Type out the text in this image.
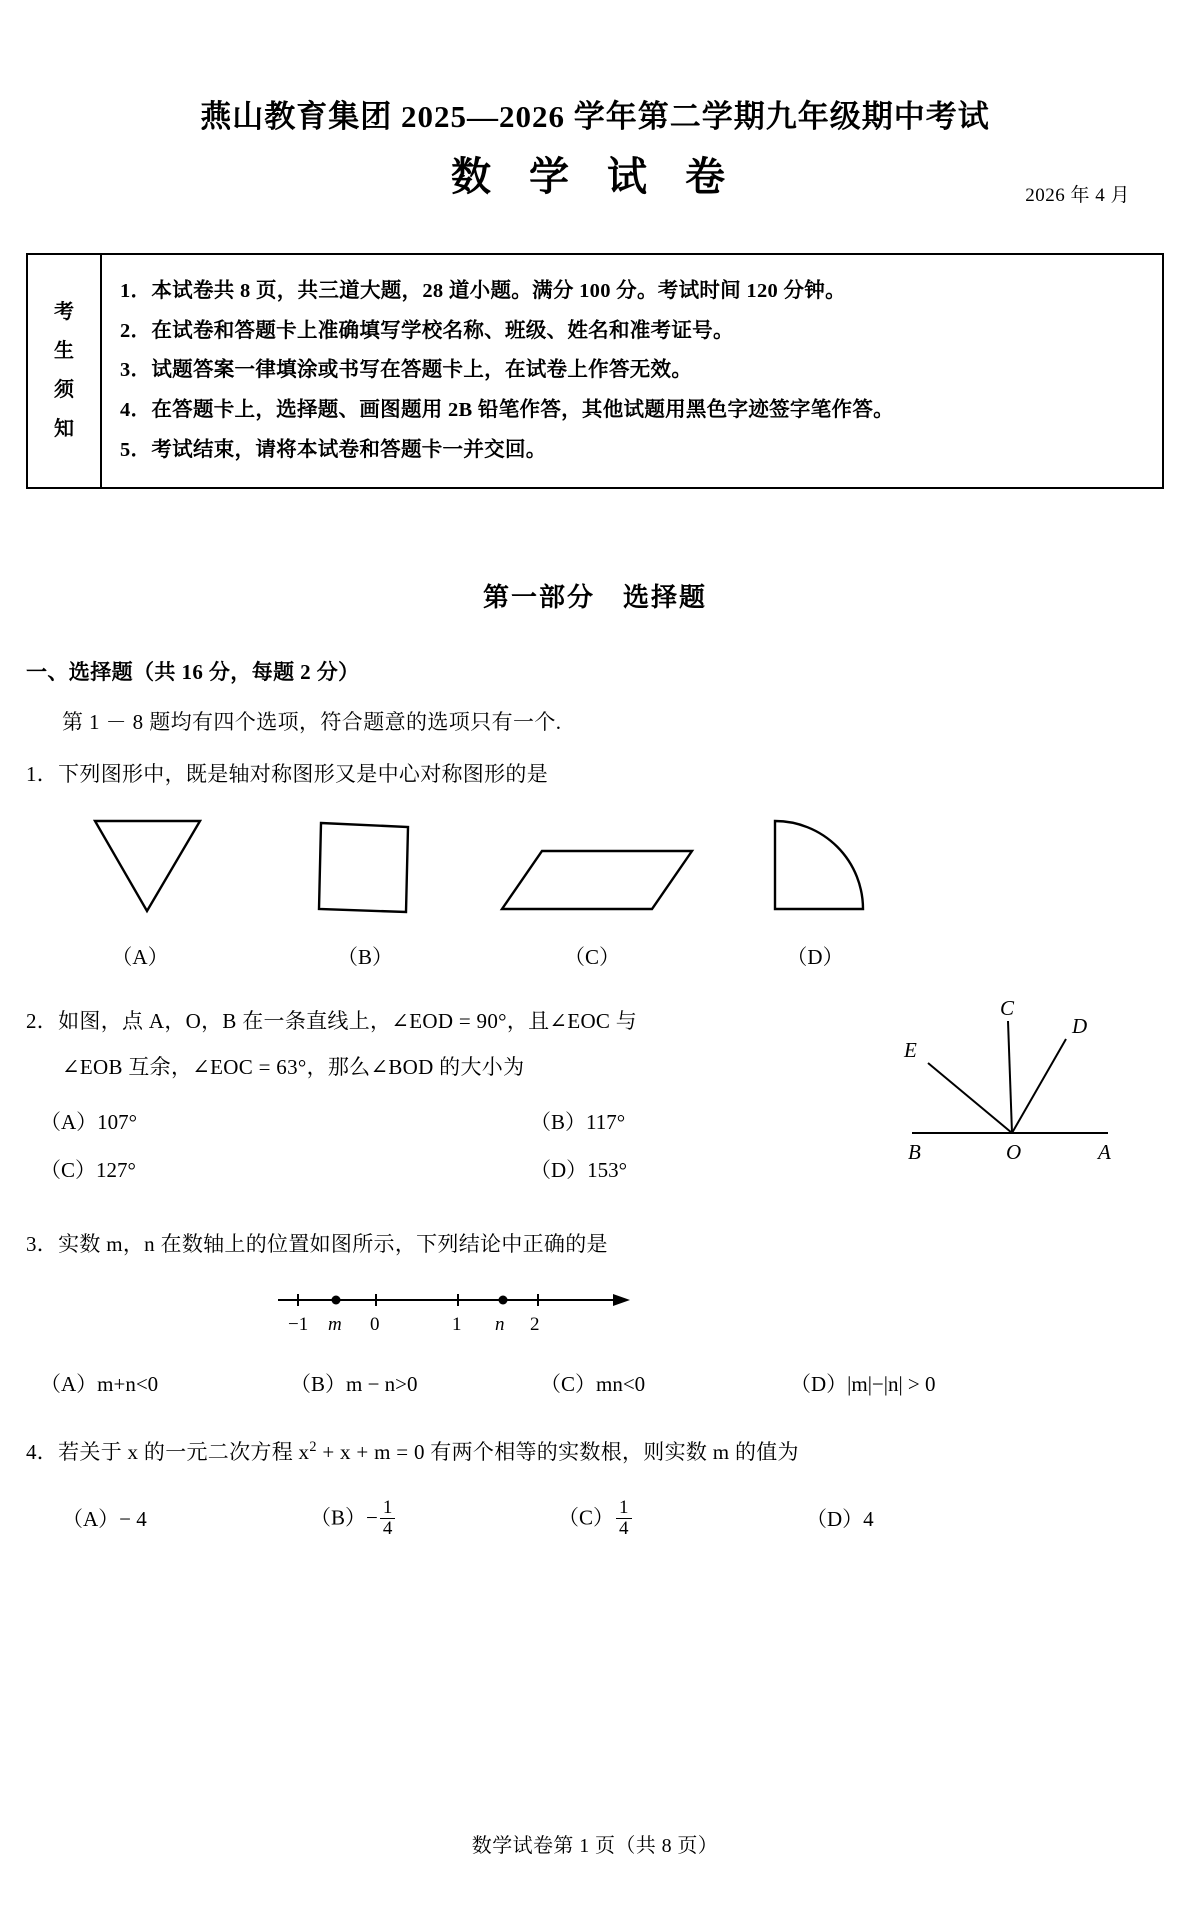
燕山教育集团 2025—2026 学年第二学期九年级期中考试
数 学 试 卷	2026 年 4 月
考
生
须
知
1．本试卷共 8 页，共三道大题，28 道小题。满分 100 分。考试时间 120 分钟。
2．在试卷和答题卡上准确填写学校名称、班级、姓名和准考证号。
3．试题答案一律填涂或书写在答题卡上，在试卷上作答无效。
4．在答题卡上，选择题、画图题用 2B 铅笔作答，其他试题用黑色字迹签字笔作答。
5．考试结束，请将本试卷和答题卡一并交回。
第一部分　选择题
一、选择题（共 16 分，每题 2 分）
第 1 － 8 题均有四个选项，符合题意的选项只有一个.
1．下列图形中，既是轴对称图形又是中心对称图形的是
（A）	（B）	（C）	（D）
2．如图，点 A，O，B 在一条直线上，∠EOD = 90°，且∠EOC 与
∠EOB 互余，∠EOC = 63°，那么∠BOD 的大小为
（A）107°	（B）117°
（C）127°	（D）153°
C
D
E
B	O	A
3．实数 m，n 在数轴上的位置如图所示，下列结论中正确的是
−1 m 0	1 n 2
（A）m+n<0	（B）m − n>0	（C）mn<0	（D）|m|−|n| > 0
4．若关于 x 的一元二次方程 $x^2 + x + m = 0$ 有两个相等的实数根，则实数 m 的值为
（A）− 4	$(B)- \frac{1}{4}$	$(C) \frac{1}{4}$	（D）4
数学试卷第 1 页（共 8 页）
